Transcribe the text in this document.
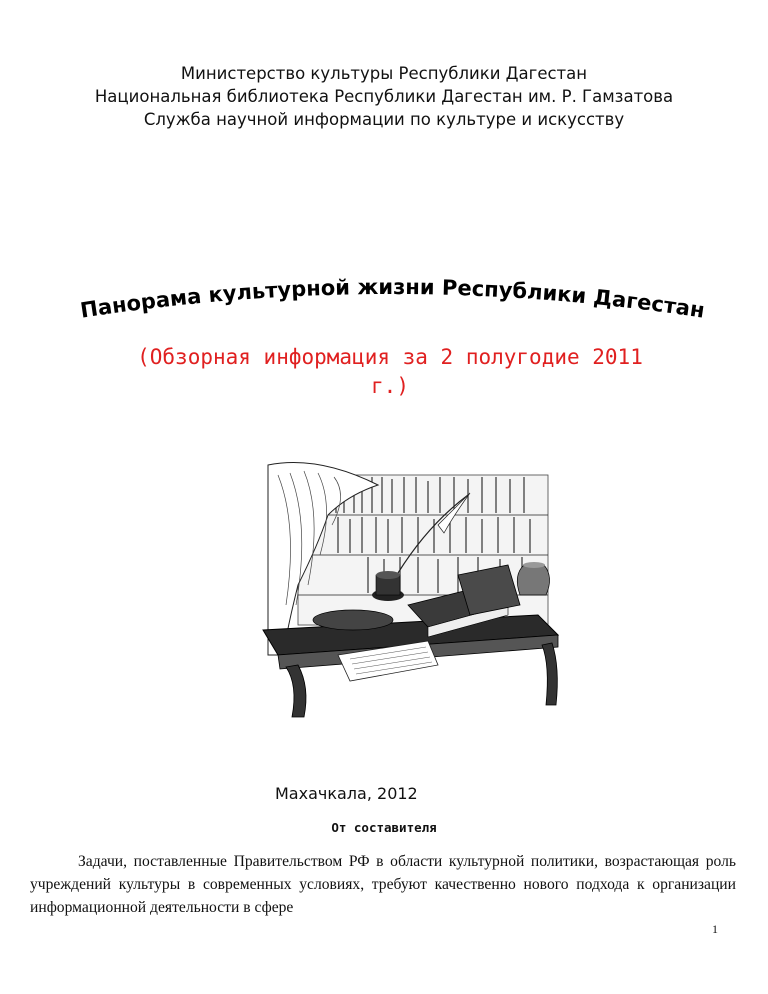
Министерство культуры Республики Дагестан
Национальная библиотека Республики Дагестан им. Р. Гамзатова
Служба научной информации по культуре и искусству
Панорама культурной жизни Республики Дагестан
(Обзорная информация за 2 полугодие 2011
г.)
Махачкала, 2012
От составителя

Задачи, поставленные Правительством РФ в области культурной политики, возрастающая роль учреждений культуры в современных условиях, требуют качественно нового подхода к организации информационной деятельности в сфере

1
